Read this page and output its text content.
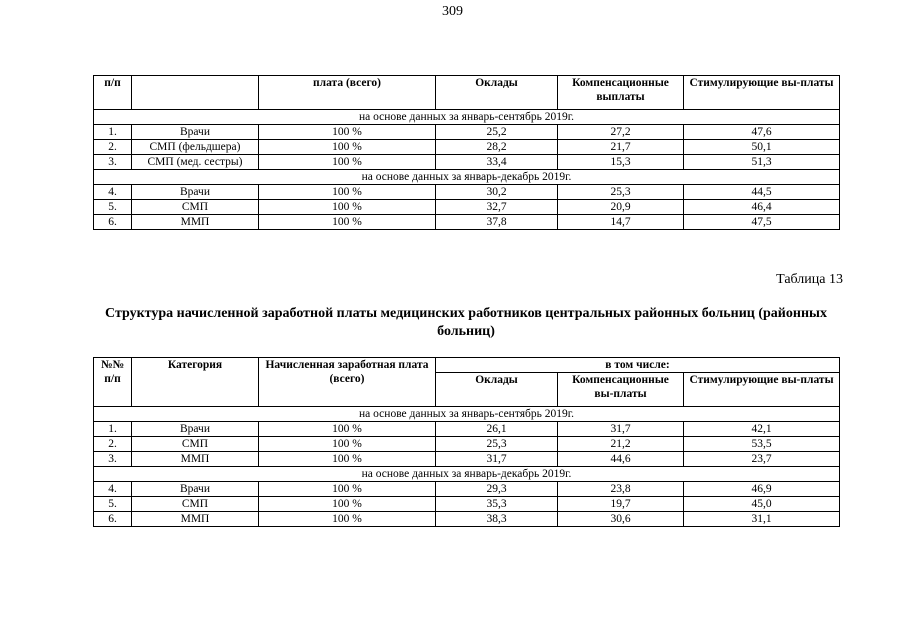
309
п/п		плата (всего)	Оклады	Компенсационные выплаты	Стимулирующие вы-платы
на основе данных за январь-сентябрь 2019г.					
1.	Врачи	100 %	25,2	27,2	47,6
2.	СМП (фельдшера)	100 %	28,2	21,7	50,1
3.	СМП (мед. сестры)	100 %	33,4	15,3	51,3
на основе данных за январь-декабрь 2019г.					
4.	Врачи	100 %	30,2	25,3	44,5
5.	СМП	100 %	32,7	20,9	46,4
6.	ММП	100 %	37,8	14,7	47,5
Таблица 13
Структура начисленной заработной платы медицинских работников центральных районных больниц (районных больниц)
№№ п/п	Категория	Начисленная заработная плата (всего)	в том числе:		
			Оклады	Компенсационные вы-платы	Стимулирующие вы-платы
на основе данных за январь-сентябрь 2019г.					
1.	Врачи	100 %	26,1	31,7	42,1
2.	СМП	100 %	25,3	21,2	53,5
3.	ММП	100 %	31,7	44,6	23,7
на основе данных за январь-декабрь 2019г.					
4.	Врачи	100 %	29,3	23,8	46,9
5.	СМП	100 %	35,3	19,7	45,0
6.	ММП	100 %	38,3	30,6	31,1
